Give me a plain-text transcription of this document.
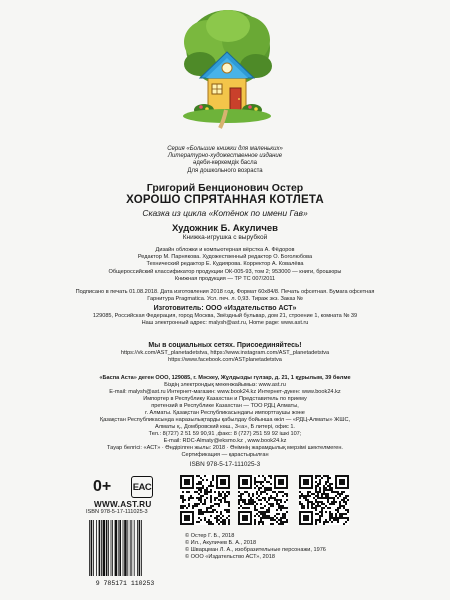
Серия «Большие книжки для маленьких»
Литературно-художественное издание
әдеби-көркемдік басла
Для дошкольного возраста
Григорий Бенционович Остер
ХОРОШО СПРЯТАННАЯ КОТЛЕТА
Сказка из цикла «Котёнок по имени Гав»
Художник Б. Акуличев
Книжка-игрушка с вырубкой
Дизайн обложки и компьютерная вёрстка А. Фёдоров
Редактор М. Парнякова. Художественный редактор О. Боголюбова
Технический редактор Е. Кудиярова. Корректор А. Ковалёва
Общероссийский классификатор продукции ОК-005-93, том 2; 953000 — книги, брошюры
Книжная продукция — ТР ТС 007/2011
Подписано в печать 01.08.2018. Дата изготовления 2018 г.од. Формат 60х84/8. Печать офсетная. Бумага офсетная
Гарнитура Pragmatica. Усл. печ. л. 0,93. Тираж экз. Заказ №
Изготовитель: ООО «Издательство АСТ»
129085, Российская Федерация, город Москва, Звёздный бульвар, дом 21, строение 1, комната № 39
Наш электронный адрес: malysh@ast.ru, Home page: www.ast.ru
Мы в социальных сетях. Присоединяйтесь!
https://vk.com/AST_planetadetstva, https://www.instagram.com/AST_planetadetstva
https://www.facebook.com/ASTplanetadetstva
«Баспа Аста» деген ООО, 129085, г. Мәскеу, Жұлдызды гүлзар, д. 21, 1 құрылым, 39 бөлме
Біздің электрондық мекенжайымыз: www.ast.ru
E-mail: malysh@ast.ru Интернет-магазин: www.book24.kz Интернет-дүкен: www.book24.kz
Импортер в Республику Казахстан и Представитель по приему
претензий в Республике Казахстан — ТОО РДЦ Алматы,
г. Алматы. Қазақстан Республикасындағы импорттаушы және
Қазақстан Республикасында наразылықтарды қабылдау бойынша өкіл — «РДЦ-Алматы» ЖШС,
Алматы қ., Домбровский көш., 3«а», Б литері, офис 1.
Тел.: 8(727) 2 51 59 90,91 ,факс: 8 (727) 251 59 92 ішкі 107;
E-mail: RDC-Almaty@eksmo.kz , www.book24.kz
Тауар белгісі: «АСТ» · Өндірілген жылы: 2018 · Өнімнің жарамдылық мерзімі шектелмеген.
Сертификация — қарастырылған
ISBN 978-5-17-111025-3
0+ EAC
WWW.AST.RU
ISBN 978-5-17-111025-3
9 785171 110253
© Остер Г. Б., 2018
© Ил., Акуличев Б. А., 2018
© Шварцман Л. А., изобразительные персонажи, 1976
© ООО «Издательство АСТ», 2018
